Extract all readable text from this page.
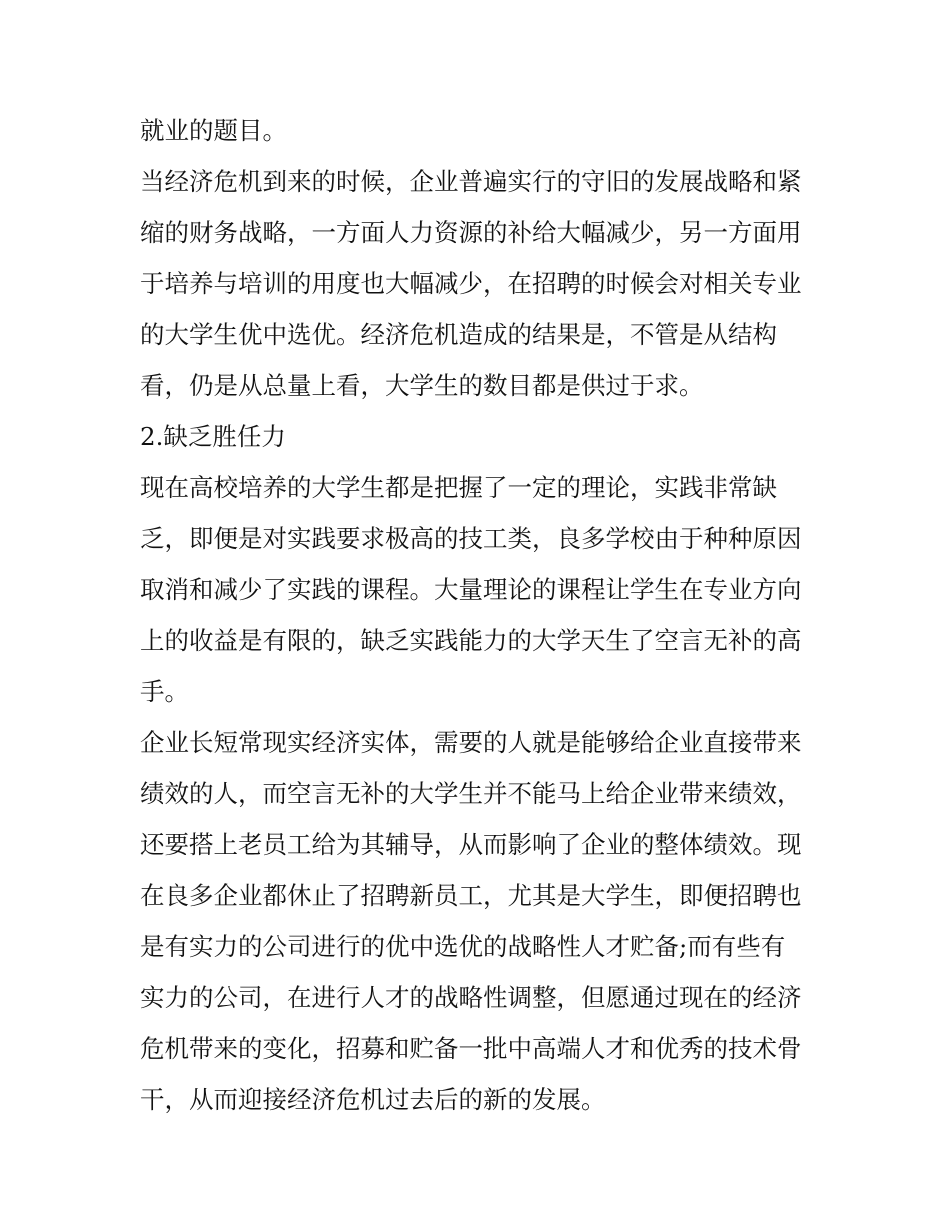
就业的题目。
当经济危机到来的时候，企业普遍实行的守旧的发展战略和紧
缩的财务战略，一方面人力资源的补给大幅减少，另一方面用
于培养与培训的用度也大幅减少，在招聘的时候会对相关专业
的大学生优中选优。经济危机造成的结果是，不管是从结构
看，仍是从总量上看，大学生的数目都是供过于求。
2.缺乏胜任力
现在高校培养的大学生都是把握了一定的理论，实践非常缺
乏，即便是对实践要求极高的技工类，良多学校由于种种原因
取消和减少了实践的课程。大量理论的课程让学生在专业方向
上的收益是有限的，缺乏实践能力的大学天生了空言无补的高
手。
企业长短常现实经济实体，需要的人就是能够给企业直接带来
绩效的人，而空言无补的大学生并不能马上给企业带来绩效，
还要搭上老员工给为其辅导，从而影响了企业的整体绩效。现
在良多企业都休止了招聘新员工，尤其是大学生，即便招聘也
是有实力的公司进行的优中选优的战略性人才贮备;而有些有
实力的公司，在进行人才的战略性调整，但愿通过现在的经济
危机带来的变化，招募和贮备一批中高端人才和优秀的技术骨
干，从而迎接经济危机过去后的新的发展。
